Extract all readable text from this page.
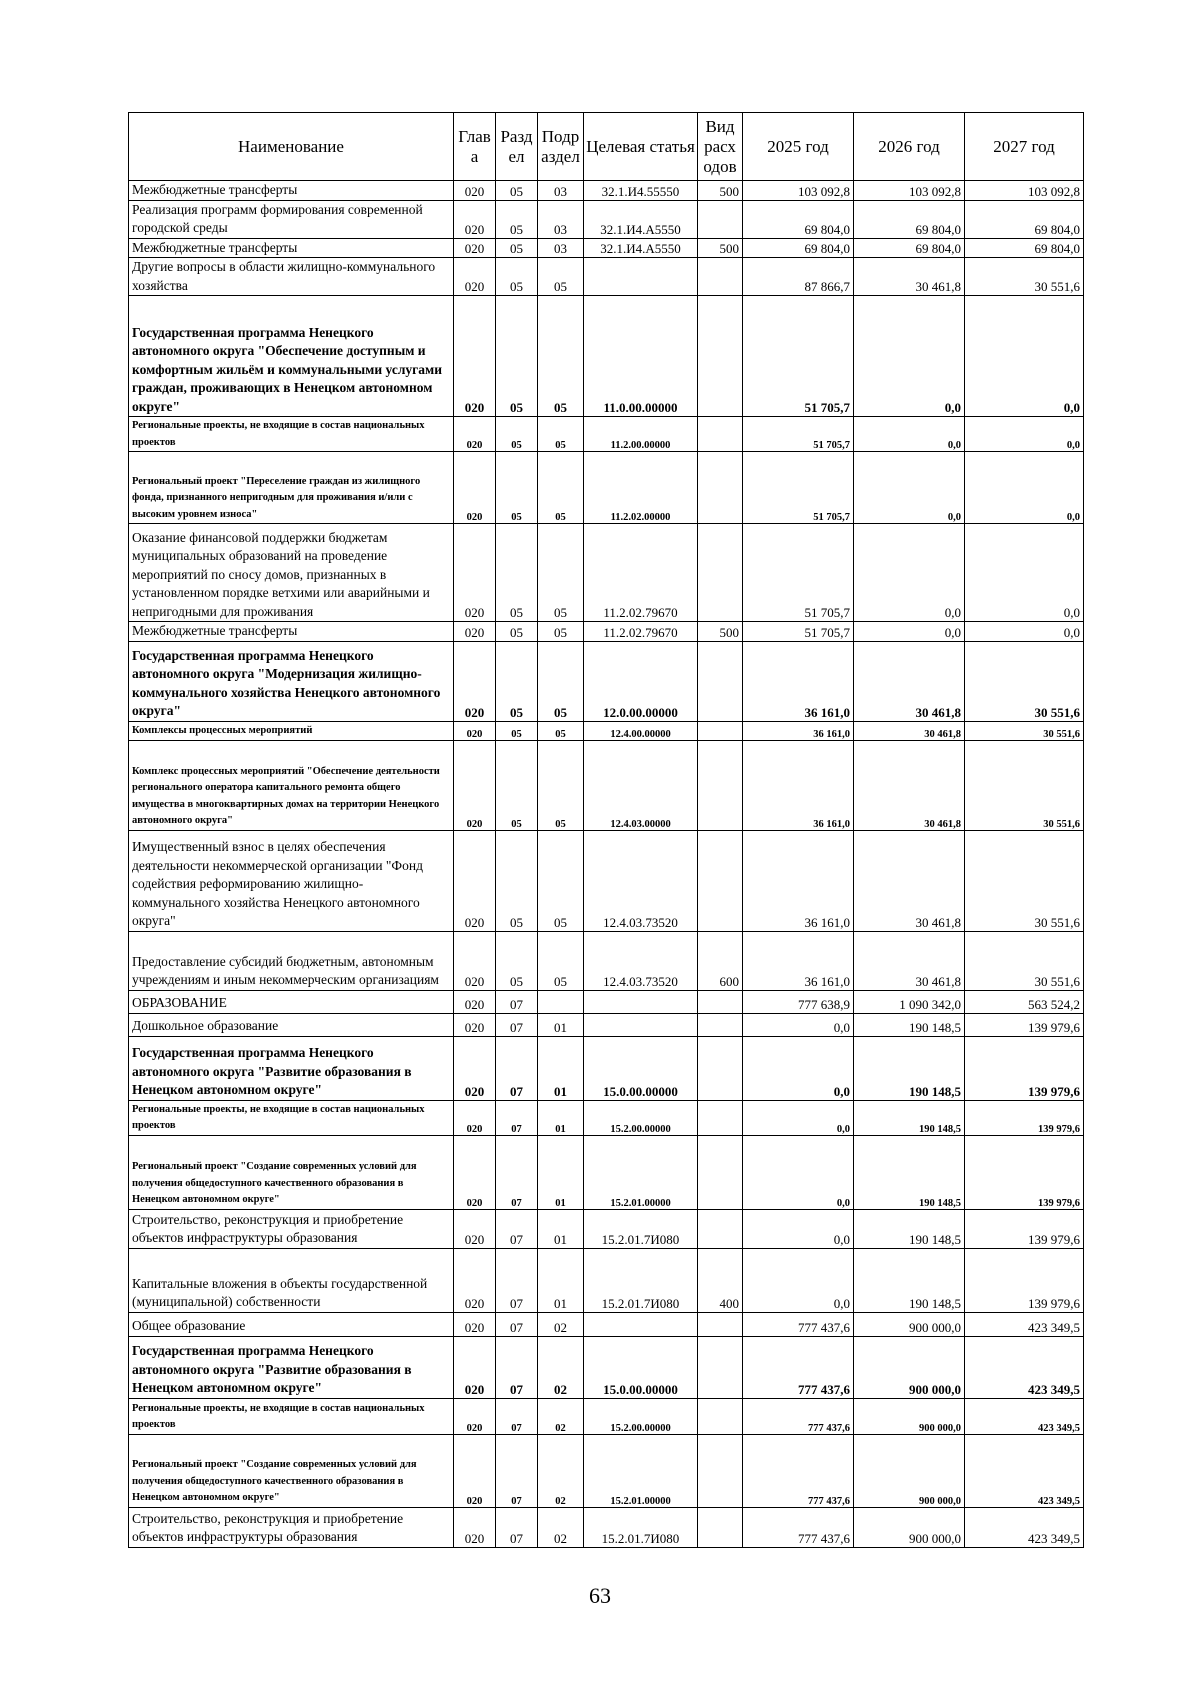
Наименование	Глав а	Разд ел	Подр аздел	Целевая статья	Вид расх одов	2025 год	2026 год	2027 год
Межбюджетные трансферты	020	05	03	32.1.И4.55550	500	103 092,8	103 092,8	103 092,8
Реализация программ формирования современной городской среды	020	05	03	32.1.И4.А5550		69 804,0	69 804,0	69 804,0
Межбюджетные трансферты	020	05	03	32.1.И4.А5550	500	69 804,0	69 804,0	69 804,0
Другие вопросы в области жилищно-коммунального хозяйства	020	05	05			87 866,7	30 461,8	30 551,6
Государственная программа Ненецкого автономного округа "Обеспечение доступным и комфортным жильём и коммунальными услугами граждан, проживающих в Ненецком автономном округе"	020	05	05	11.0.00.00000		51 705,7	0,0	0,0
Региональные проекты, не входящие в состав национальных проектов	020	05	05	11.2.00.00000		51 705,7	0,0	0,0
Региональный проект "Переселение граждан из жилищного фонда, признанного непригодным для проживания и/или с высоким уровнем износа"	020	05	05	11.2.02.00000		51 705,7	0,0	0,0
Оказание финансовой поддержки бюджетам муниципальных образований на проведение мероприятий по сносу домов, признанных в установленном порядке ветхими или аварийными и непригодными для проживания	020	05	05	11.2.02.79670		51 705,7	0,0	0,0
Межбюджетные трансферты	020	05	05	11.2.02.79670	500	51 705,7	0,0	0,0
Государственная программа Ненецкого автономного округа "Модернизация жилищно-коммунального хозяйства Ненецкого автономного округа"	020	05	05	12.0.00.00000		36 161,0	30 461,8	30 551,6
Комплексы процессных мероприятий	020	05	05	12.4.00.00000		36 161,0	30 461,8	30 551,6
Комплекс процессных мероприятий "Обеспечение деятельности регионального оператора капитального ремонта общего имущества в многоквартирных домах на территории Ненецкого автономного округа"	020	05	05	12.4.03.00000		36 161,0	30 461,8	30 551,6
Имущественный взнос в целях обеспечения деятельности некоммерческой организации "Фонд содействия реформированию жилищно-коммунального хозяйства Ненецкого автономного округа"	020	05	05	12.4.03.73520		36 161,0	30 461,8	30 551,6
Предоставление субсидий бюджетным, автономным учреждениям и иным некоммерческим организациям	020	05	05	12.4.03.73520	600	36 161,0	30 461,8	30 551,6
ОБРАЗОВАНИЕ	020	07				777 638,9	1 090 342,0	563 524,2
Дошкольное образование	020	07	01			0,0	190 148,5	139 979,6
Государственная программа Ненецкого автономного округа "Развитие образования в Ненецком автономном округе"	020	07	01	15.0.00.00000		0,0	190 148,5	139 979,6
Региональные проекты, не входящие в состав национальных проектов	020	07	01	15.2.00.00000		0,0	190 148,5	139 979,6
Региональный проект "Создание современных условий для получения общедоступного качественного образования в Ненецком автономном округе"	020	07	01	15.2.01.00000		0,0	190 148,5	139 979,6
Строительство, реконструкция и приобретение объектов инфраструктуры образования	020	07	01	15.2.01.7И080		0,0	190 148,5	139 979,6
Капитальные вложения в объекты государственной (муниципальной) собственности	020	07	01	15.2.01.7И080	400	0,0	190 148,5	139 979,6
Общее образование	020	07	02			777 437,6	900 000,0	423 349,5
Государственная программа Ненецкого автономного округа "Развитие образования в Ненецком автономном округе"	020	07	02	15.0.00.00000		777 437,6	900 000,0	423 349,5
Региональные проекты, не входящие в состав национальных проектов	020	07	02	15.2.00.00000		777 437,6	900 000,0	423 349,5
Региональный проект "Создание современных условий для получения общедоступного качественного образования в Ненецком автономном округе"	020	07	02	15.2.01.00000		777 437,6	900 000,0	423 349,5
Строительство, реконструкция и приобретение объектов инфраструктуры образования	020	07	02	15.2.01.7И080		777 437,6	900 000,0	423 349,5
63
